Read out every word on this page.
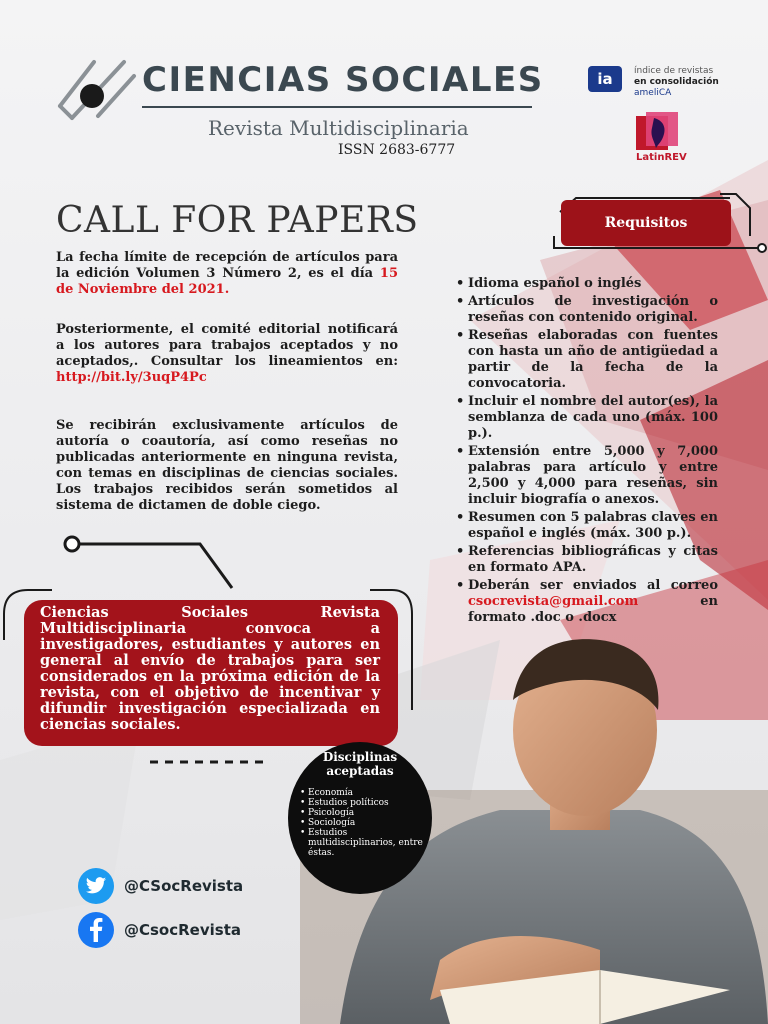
CIENCIAS SOCIALES
Revista Multidisciplinaria
ISSN 2683-6777
ia índice de revistas
en consolidación
ameliCA
LatinREV
CALL FOR PAPERS
La fecha límite de recepción de artículos para la edición Volumen 3 Número 2, es el día 15 de Noviembre del 2021.
Posteriormente, el comité editorial notificará a los autores para trabajos aceptados y no aceptados,. Consultar los lineamientos en: http://bit.ly/3uqP4Pc
Se recibirán exclusivamente artículos de autoría o coautoría, así como reseñas no publicadas anteriormente en ninguna revista, con temas en disciplinas de ciencias sociales. Los trabajos recibidos serán sometidos al sistema de dictamen de doble ciego.
Requisitos
• Idioma español o inglés
• Artículos de investigación o reseñas con contenido original.
• Reseñas elaboradas con fuentes con hasta un año de antigüedad a partir de la fecha de la convocatoria.
• Incluir el nombre del autor(es), la semblanza de cada uno (máx. 100 p.).
• Extensión entre 5,000 y 7,000 palabras para artículo y entre 2,500 y 4,000 para reseñas, sin incluir biografía o anexos.
• Resumen con 5 palabras claves en español e inglés (máx. 300 p.).
• Referencias bibliográficas y citas en formato APA.
• Deberán ser enviados al correo csocrevista@gmail.com en formato .doc o .docx
Ciencias Sociales Revista Multidisciplinaria convoca a investigadores, estudiantes y autores en general al envío de trabajos para ser considerados en la próxima edición de la revista, con el objetivo de incentivar y difundir investigación especializada en ciencias sociales.
Disciplinas aceptadas
• Economía
• Estudios políticos
• Psicología
• Sociología
• Estudios multidisciplinarios, entre éstas.
@CSocRevista
@CsocRevista
